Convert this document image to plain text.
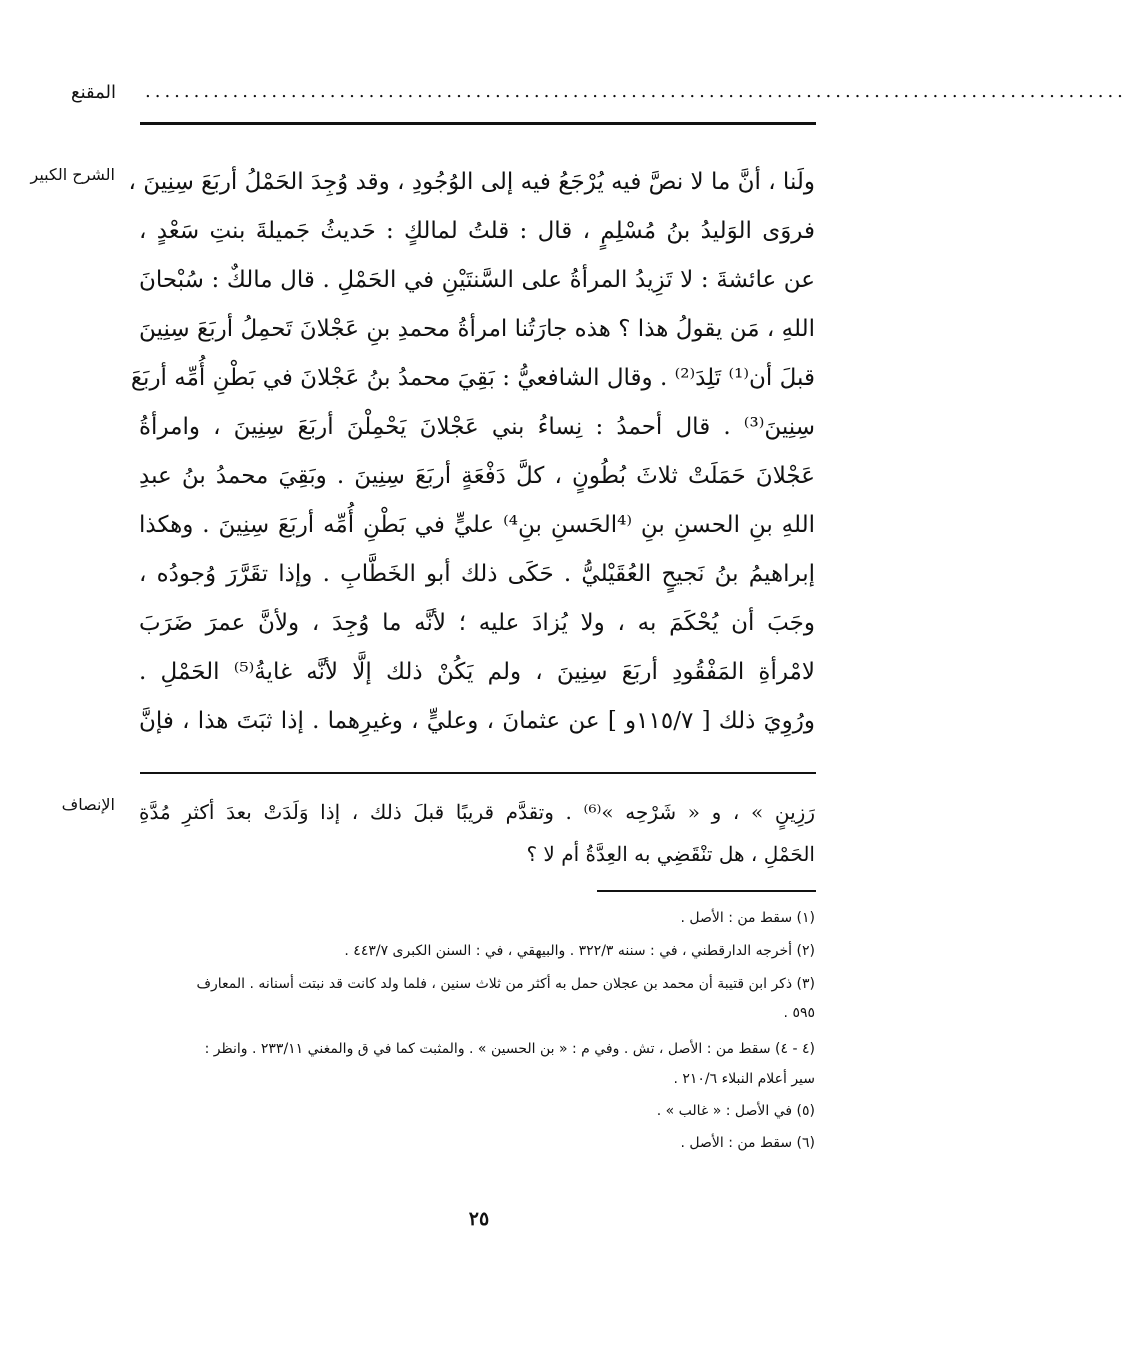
المقنع .....................................................................................................
الشرح الكبير ولَنا ، أنَّ ما لا نصَّ فيه يُرْجَعُ فيه إلى الوُجُودِ ، وقد وُجِدَ الحَمْلُ أربَعَ سِنِينَ ،
فروَى الوَليدُ بنُ مُسْلِمٍ ، قال : قلتُ لمالكٍ : حَديثُ جَميلةَ بنتِ سَعْدٍ ،
عن عائشةَ : لا تَزِيدُ المرأةُ على السَّنتَيْنِ في الحَمْلِ . قال مالكٌ : سُبْحانَ
اللهِ ، مَن يقولُ هذا ؟ هذه جارَتُنا امرأةُ محمدِ بنِ عَجْلانَ تَحمِلُ أربَعَ سِنِينَ
قبلَ أن⁽¹⁾ تَلِدَ⁽²⁾ . وقال الشافعيُّ : بَقِيَ محمدُ بنُ عَجْلانَ في بَطْنِ أُمِّه أربَعَ
سِنِينَ⁽³⁾ . قال أحمدُ : نِساءُ بني عَجْلانَ يَحْمِلْنَ أربَعَ سِنِينَ ، وامرأةُ
عَجْلانَ حَمَلَتْ ثلاثَ بُطُونٍ ، كلَّ دَفْعَةٍ أربَعَ سِنِينَ . وبَقِيَ محمدُ بنُ عبدِ
اللهِ بنِ الحسنِ بنِ ⁽⁴الحَسنِ بنِ⁴⁾ عليٍّ في بَطْنِ أُمِّه أربَعَ سِنِينَ . وهكذا
إبراهيمُ بنُ نَجيحٍ العُقَيْليُّ . حَكَى ذلك أبو الخَطَّابِ . وإذا تقَرَّرَ وُجودُه ،
وجَبَ أن يُحْكَمَ به ، ولا يُزادَ عليه ؛ لأنَّه ما وُجِدَ ، ولأنَّ عمرَ ضَرَبَ
لامْرأةِ المَفْقُودِ أربَعَ سِنِينَ ، ولم يَكُنْ ذلك إلَّا لأنَّه غايةُ⁽⁵⁾ الحَمْلِ .
ورُوِيَ ذلك [ ١١٥/٧و ] عن عثمانَ ، وعليٍّ ، وغيرِهما . إذا ثبَتَ هذا ، فإنَّ
الإنصاف رَزِينٍ » ، و « شَرْحِه »⁽⁶⁾ . وتقدَّم قريبًا قبلَ ذلك ، إذا وَلَدَتْ بعدَ أكثرِ مُدَّةِ
الحَمْلِ ، هل تنْقَضِي به العِدَّةُ أم لا ؟
(١) سقط من : الأصل .
(٢) أخرجه الدارقطني ، في : سننه ٣٢٢/٣ . والبيهقي ، في : السنن الكبرى ٤٤٣/٧ .
(٣) ذكر ابن قتيبة أن محمد بن عجلان حمل به أكثر من ثلاث سنين ، فلما ولد كانت قد نبتت أسنانه . المعارف
٥٩٥ .
(٤ - ٤) سقط من : الأصل ، تش . وفي م : « بن الحسين » . والمثبت كما في ق والمغني ٢٣٣/١١ . وانظر :
سير أعلام النبلاء ٢١٠/٦ .
(٥) في الأصل : « غالب » .
(٦) سقط من : الأصل .
٢٥
